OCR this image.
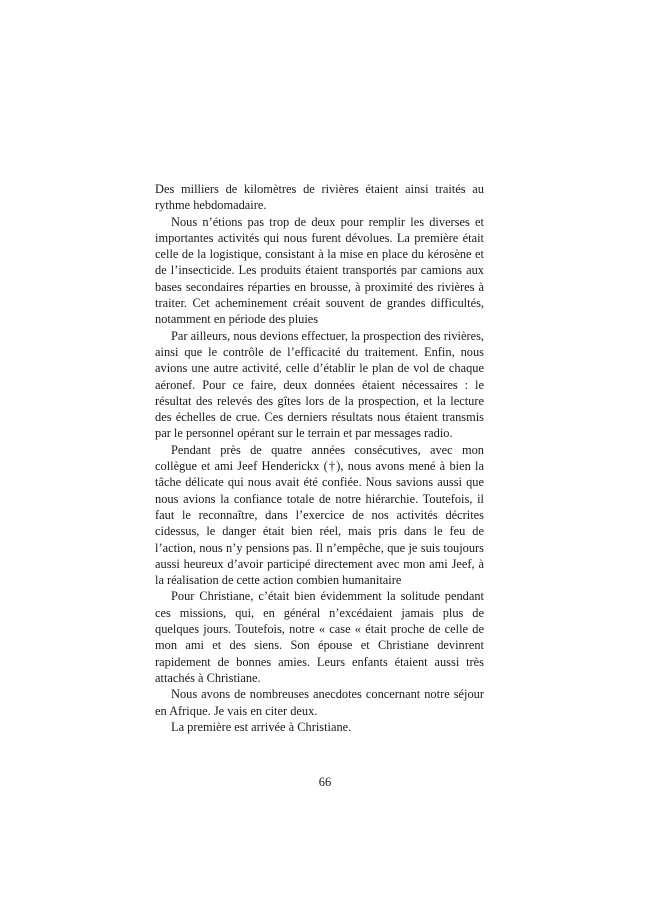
Des milliers de kilomètres de rivières étaient ainsi traités au rythme hebdomadaire.

Nous n’étions pas trop de deux pour remplir les diverses et importantes activités qui nous furent dévolues. La première était celle de la logistique, consistant à la mise en place du kérosène et de l’insecticide. Les produits étaient transportés par camions aux bases secondaires réparties en brousse, à proximité des rivières à traiter. Cet acheminement créait souvent de grandes difficultés, notamment en période des pluies

Par ailleurs, nous devions effectuer, la prospection des rivières, ainsi que le contrôle de l’efficacité du traitement. Enfin, nous avions une autre activité, celle d’établir le plan de vol de chaque aéronef. Pour ce faire, deux données étaient nécessaires : le résultat des relevés des gîtes lors de la prospection, et la lecture des échelles de crue. Ces derniers résultats nous étaient transmis par le personnel opérant sur le terrain et par messages radio.

Pendant près de quatre années consécutives, avec mon collègue et ami Jeef Henderickx (†), nous avons mené à bien la tâche délicate qui nous avait été confiée. Nous savions aussi que nous avions la confiance totale de notre hiérarchie. Toutefois, il faut le reconnaître, dans l’exercice de nos activités décrites cidessus, le danger était bien réel, mais pris dans le feu de l’action, nous n’y pensions pas. Il n’empêche, que je suis toujours aussi heureux d’avoir participé directement avec mon ami Jeef, à la réalisation de cette action combien humanitaire

Pour Christiane, c’était bien évidemment la solitude pendant ces missions, qui, en général n’excédaient jamais plus de quelques jours. Toutefois, notre « case « était proche de celle de mon ami et des siens. Son épouse et Christiane devinrent rapidement de bonnes amies. Leurs enfants étaient aussi très attachés à Christiane.

Nous avons de nombreuses anecdotes concernant notre séjour en Afrique. Je vais en citer deux.

La première est arrivée à Christiane.

66
